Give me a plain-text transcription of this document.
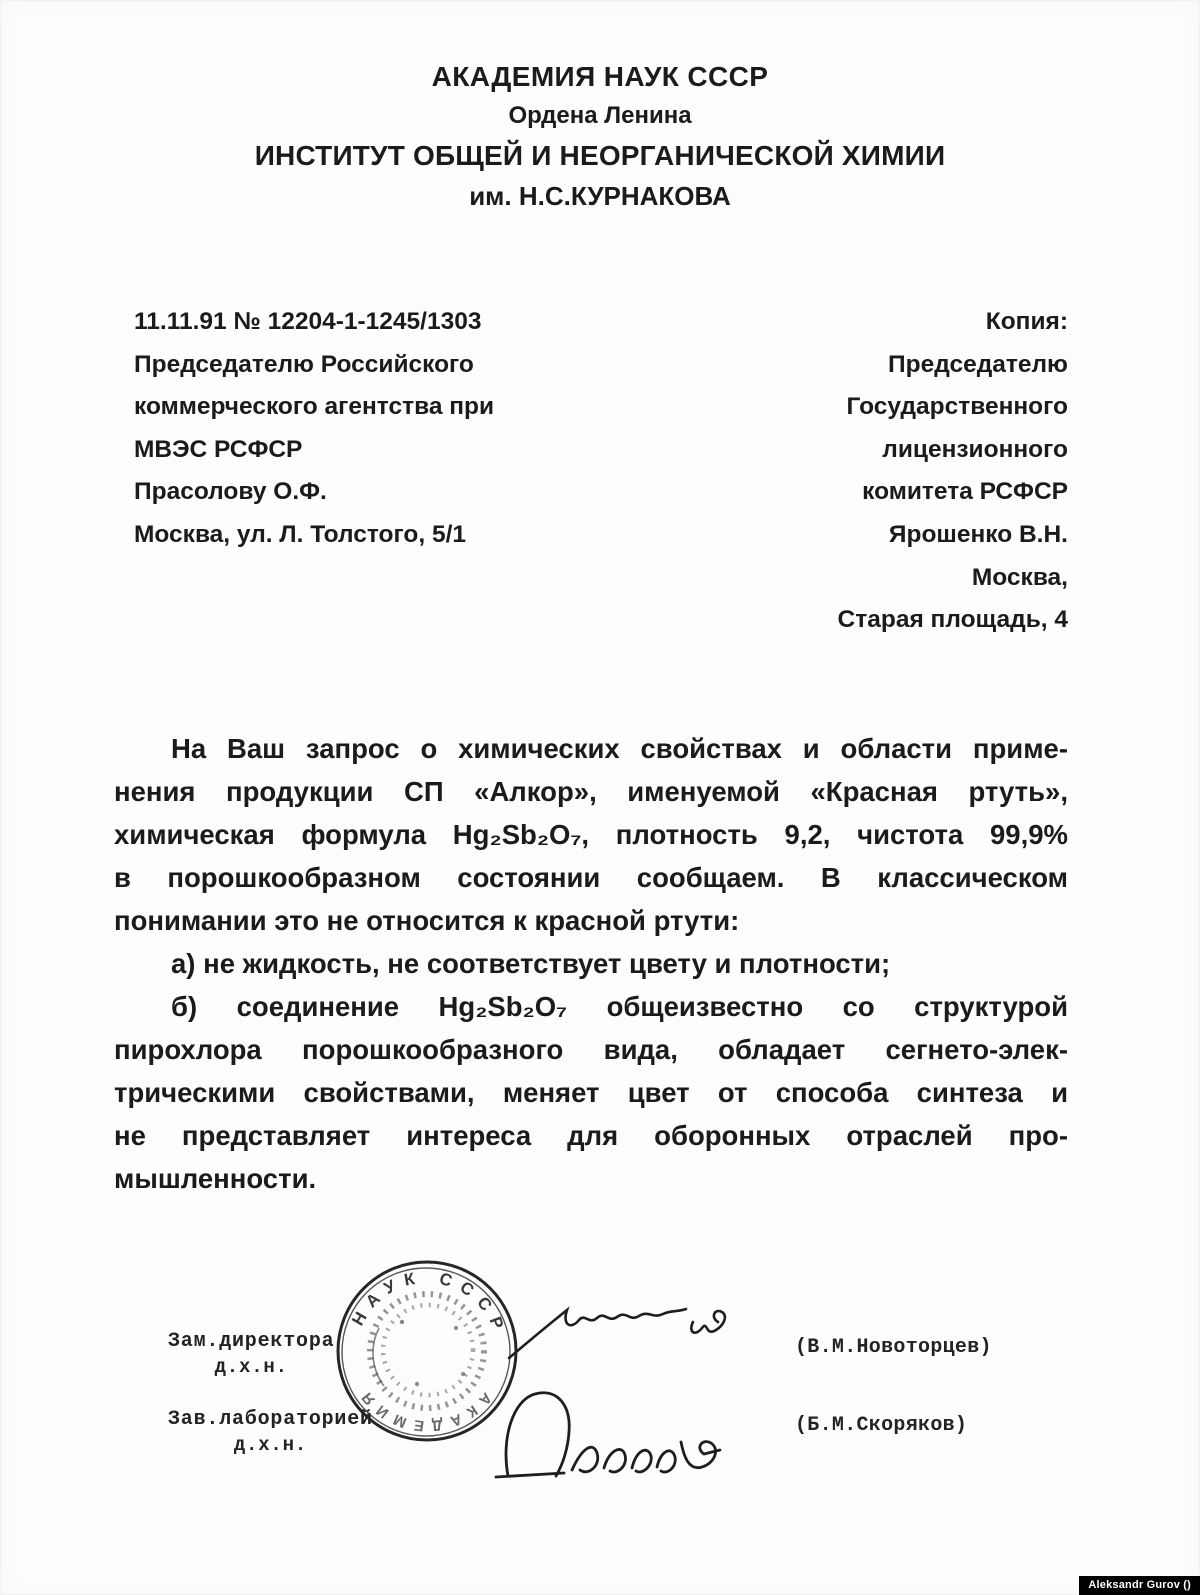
АКАДЕМИЯ НАУК СССР
Ордена Ленина
ИНСТИТУТ ОБЩЕЙ И НЕОРГАНИЧЕСКОЙ ХИМИИ
им. Н.С.КУРНАКОВА
11.11.91 № 12204-1-1245/1303
Председателю Российского
коммерческого агентства при
МВЭС РСФСР
Прасолову О.Ф.
Москва, ул. Л. Толстого, 5/1
Копия:
Председателю
Государственного
лицензионного
комитета РСФСР
Ярошенко В.Н.
Москва,
Старая площадь, 4
На Ваш запрос о химических свойствах и области приме-
нения продукции СП «Алкор», именуемой «Красная ртуть»,
химическая формула Hg₂Sb₂O₇, плотность 9,2, чистота 99,9%
в порошкообразном состоянии сообщаем. В классическом
понимании это не относится к красной ртути:
а) не жидкость, не соответствует цвету и плотности;
б) соединение Hg₂Sb₂O₇ общеизвестно со структурой
пирохлора порошкообразного вида, обладает сегнето-элек-
трическими свойствами, меняет цвет от способа синтеза и
не представляет интереса для оборонных отраслей про-
мышленности.
Зам.директора
д.х.н.
Зав.лабораторией
д.х.н.
НАУК СССР
АКАДЕМИЯ
(В.М.Новоторцев)
(Б.М.Скоряков)
Aleksandr Gurov ()
